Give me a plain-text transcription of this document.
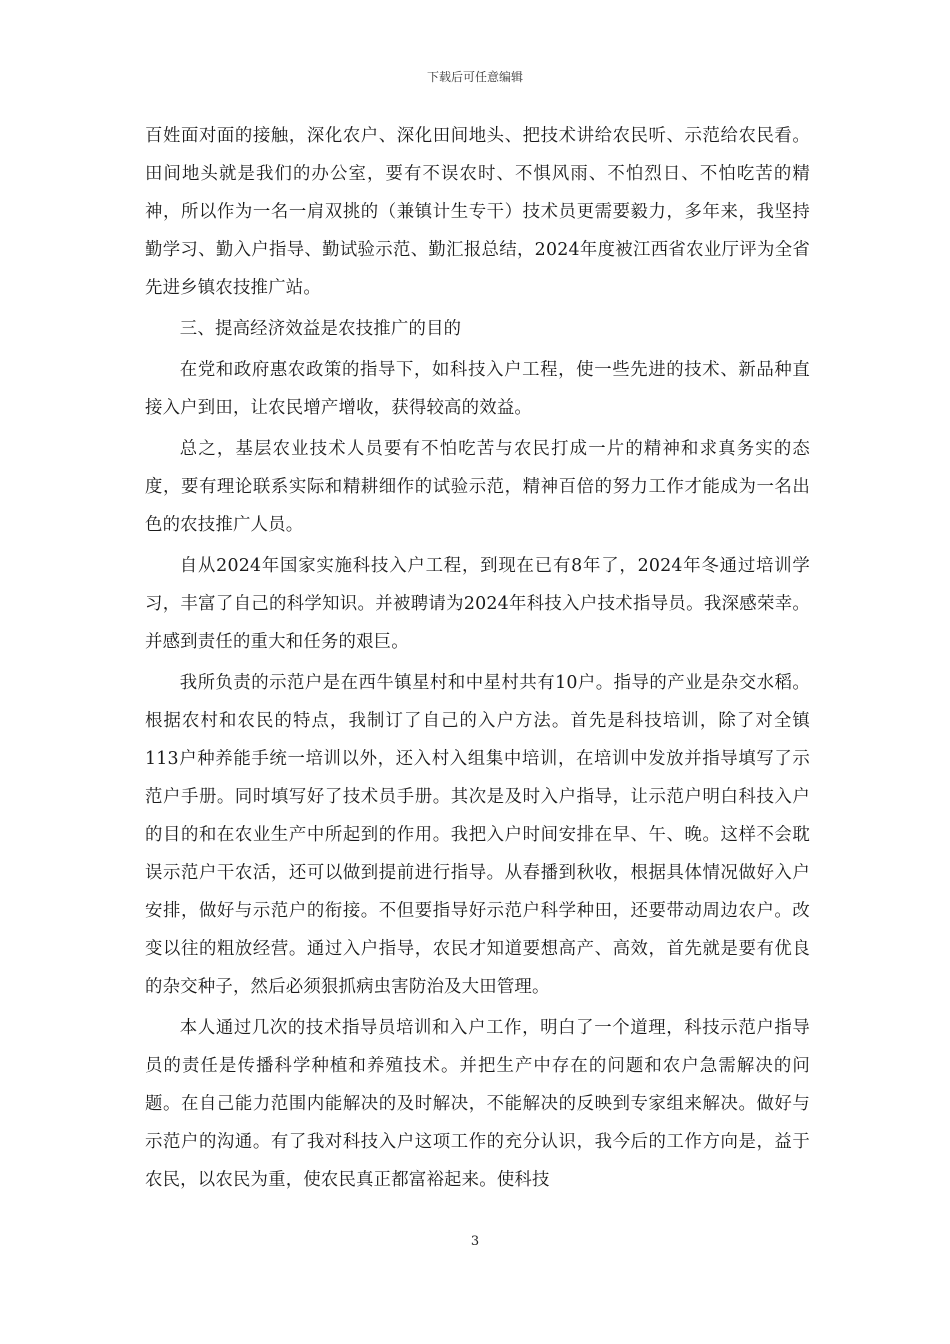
下载后可任意编辑

百姓面对面的接触，深化农户、深化田间地头、把技术讲给农民听、示范给农民看。田间地头就是我们的办公室，要有不误农时、不惧风雨、不怕烈日、不怕吃苦的精神，所以作为一名一肩双挑的（兼镇计生专干）技术员更需要毅力，多年来，我坚持勤学习、勤入户指导、勤试验示范、勤汇报总结，2024年度被江西省农业厅评为全省先进乡镇农技推广站。

三、提高经济效益是农技推广的目的

在党和政府惠农政策的指导下，如科技入户工程，使一些先进的技术、新品种直接入户到田，让农民增产增收，获得较高的效益。

总之，基层农业技术人员要有不怕吃苦与农民打成一片的精神和求真务实的态度，要有理论联系实际和精耕细作的试验示范，精神百倍的努力工作才能成为一名出色的农技推广人员。

自从2024年国家实施科技入户工程，到现在已有8年了，2024年冬通过培训学习，丰富了自己的科学知识。并被聘请为2024年科技入户技术指导员。我深感荣幸。并感到责任的重大和任务的艰巨。

我所负责的示范户是在西牛镇星村和中星村共有10户。指导的产业是杂交水稻。根据农村和农民的特点，我制订了自己的入户方法。首先是科技培训，除了对全镇113户种养能手统一培训以外，还入村入组集中培训，在培训中发放并指导填写了示范户手册。同时填写好了技术员手册。其次是及时入户指导，让示范户明白科技入户的目的和在农业生产中所起到的作用。我把入户时间安排在早、午、晚。这样不会耽误示范户干农活，还可以做到提前进行指导。从春播到秋收，根据具体情况做好入户安排，做好与示范户的衔接。不但要指导好示范户科学种田，还要带动周边农户。改变以往的粗放经营。通过入户指导，农民才知道要想高产、高效，首先就是要有优良的杂交种子，然后必须狠抓病虫害防治及大田管理。

本人通过几次的技术指导员培训和入户工作，明白了一个道理，科技示范户指导员的责任是传播科学种植和养殖技术。并把生产中存在的问题和农户急需解决的问题。在自己能力范围内能解决的及时解决，不能解决的反映到专家组来解决。做好与示范户的沟通。有了我对科技入户这项工作的充分认识，我今后的工作方向是，益于农民，以农民为重，使农民真正都富裕起来。使科技

3
